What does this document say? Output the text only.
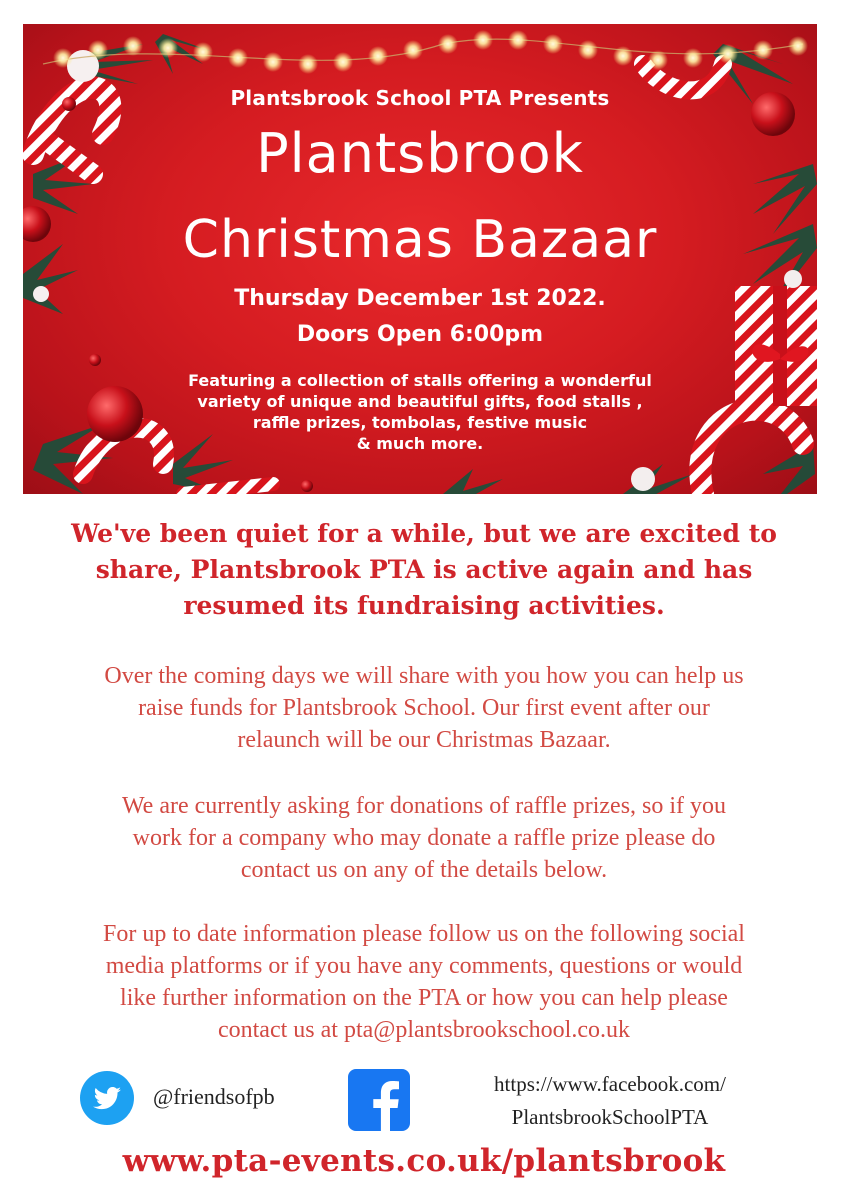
Plantsbrook School PTA Presents
Plantsbrook
Christmas Bazaar
Thursday December 1st 2022.
Doors Open 6:00pm
Featuring a collection of stalls offering a wonderful
variety of unique and beautiful gifts, food stalls ,
raffle prizes, tombolas, festive music
& much more.
We've been quiet for a while, but we are excited to
share, Plantsbrook PTA is active again and has
resumed its fundraising activities.
Over the coming days we will share with you how you can help us
raise funds for Plantsbrook School. Our first event after our
relaunch will be our Christmas Bazaar.
We are currently asking for donations of raffle prizes, so if you
work for a company who may donate a raffle prize please do
contact us on any of the details below.
For up to date information please follow us on the following social
media platforms or if you have any comments, questions or would
like further information on the PTA or how you can help please
contact us at pta@plantsbrookschool.co.uk
@friendsofpb	https://www.facebook.com/
PlantsbrookSchoolPTA
www.pta-events.co.uk/plantsbrook
